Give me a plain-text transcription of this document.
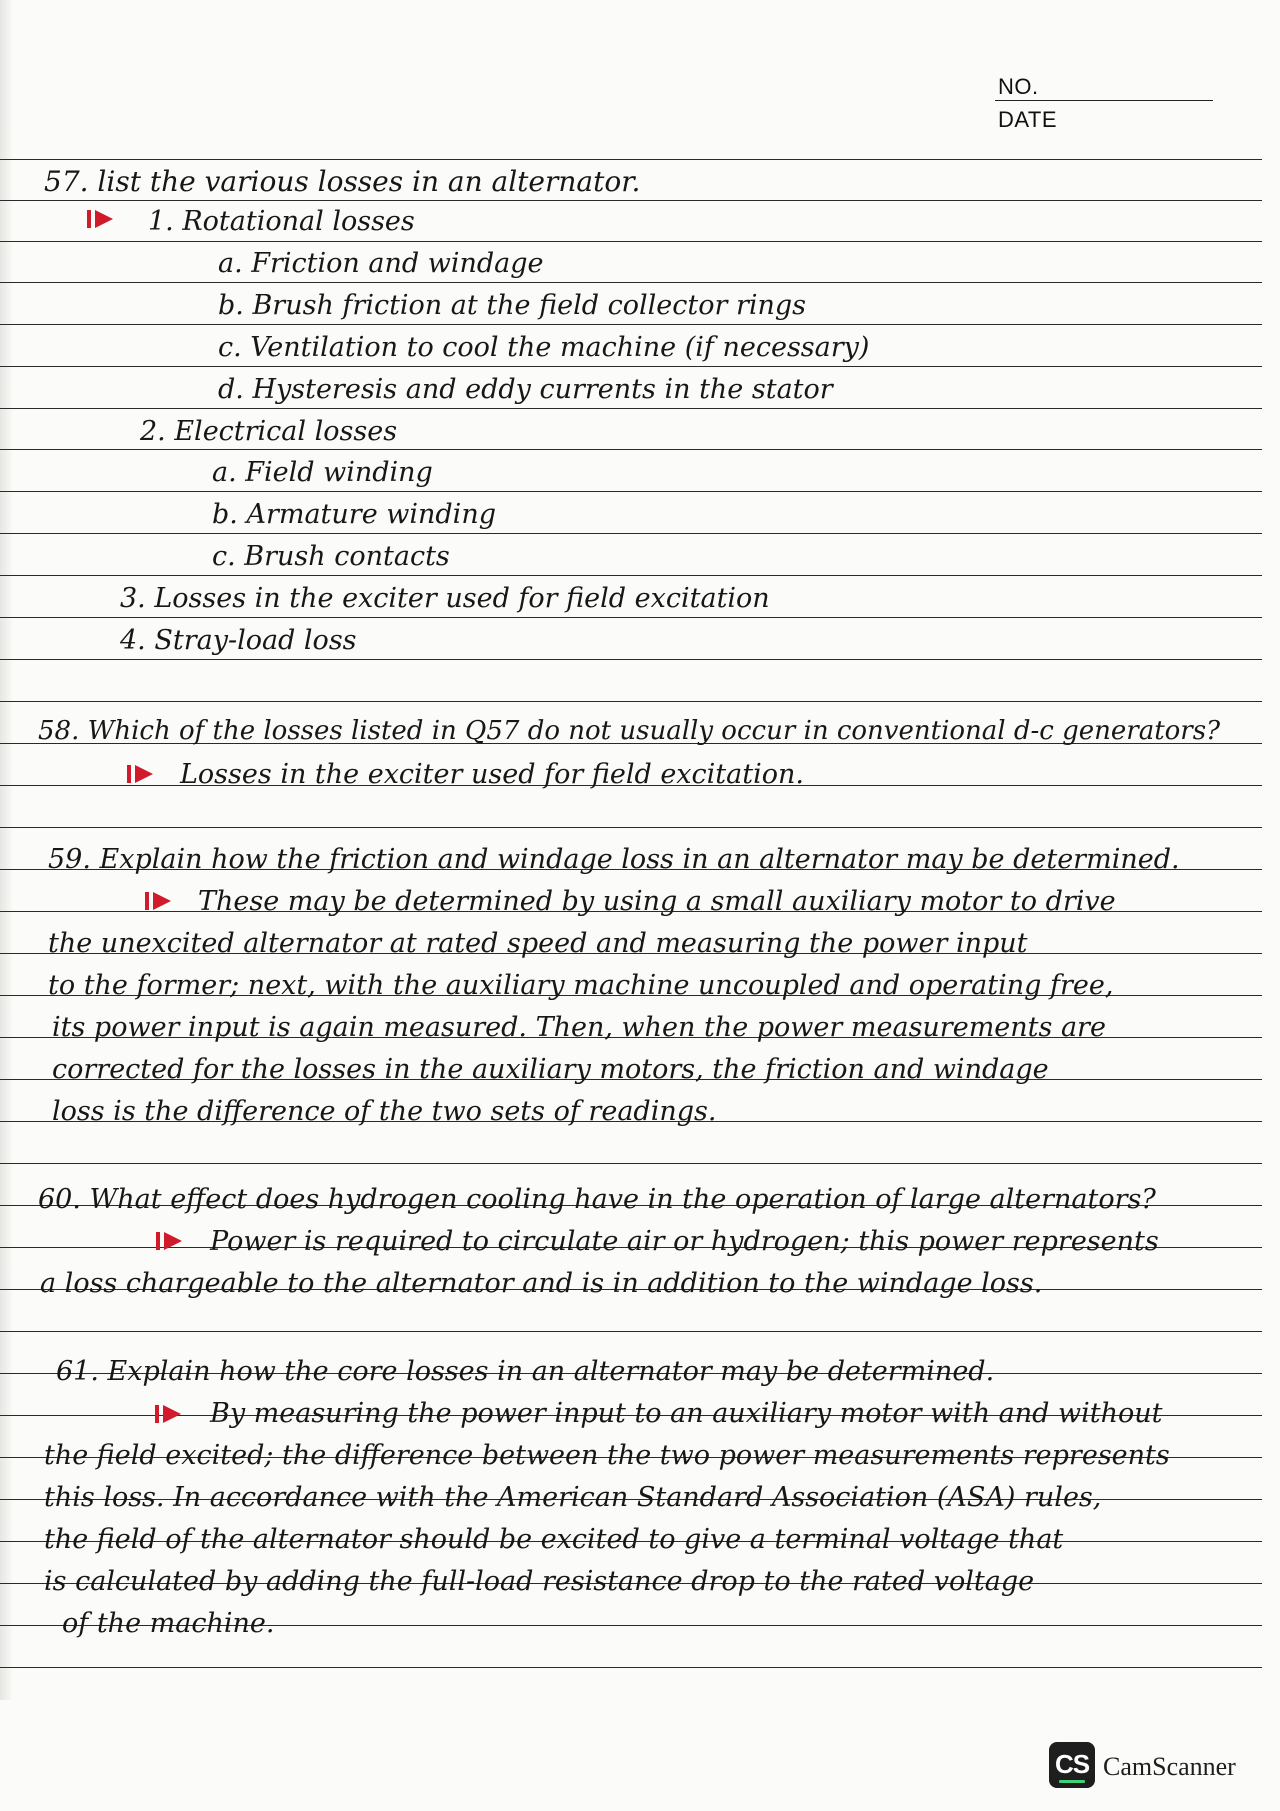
NO.
DATE
57. list the various losses in an alternator.
1. Rotational losses
a. Friction and windage
b. Brush friction at the field collector rings
c. Ventilation to cool the machine (if necessary)
d. Hysteresis and eddy currents in the stator
2. Electrical losses
a. Field winding
b. Armature winding
c. Brush contacts
3. Losses in the exciter used for field excitation
4. Stray-load loss
58. Which of the losses listed in Q57 do not usually occur in conventional d-c generators?
Losses in the exciter used for field excitation.
59. Explain how the friction and windage loss in an alternator may be determined.
These may be determined by using a small auxiliary motor to drive
the unexcited alternator at rated speed and measuring the power input
to the former; next, with the auxiliary machine uncoupled and operating free,
its power input is again measured. Then, when the power measurements are
corrected for the losses in the auxiliary motors, the friction and windage
loss is the difference of the two sets of readings.
60. What effect does hydrogen cooling have in the operation of large alternators?
Power is required to circulate air or hydrogen; this power represents
a loss chargeable to the alternator and is in addition to the windage loss.
61. Explain how the core losses in an alternator may be determined.
By measuring the power input to an auxiliary motor with and without
the field excited; the difference between the two power measurements represents
this loss. In accordance with the American Standard Association (ASA) rules,
the field of the alternator should be excited to give a terminal voltage that
is calculated by adding the full-load resistance drop to the rated voltage
of the machine.
CS CamScanner
